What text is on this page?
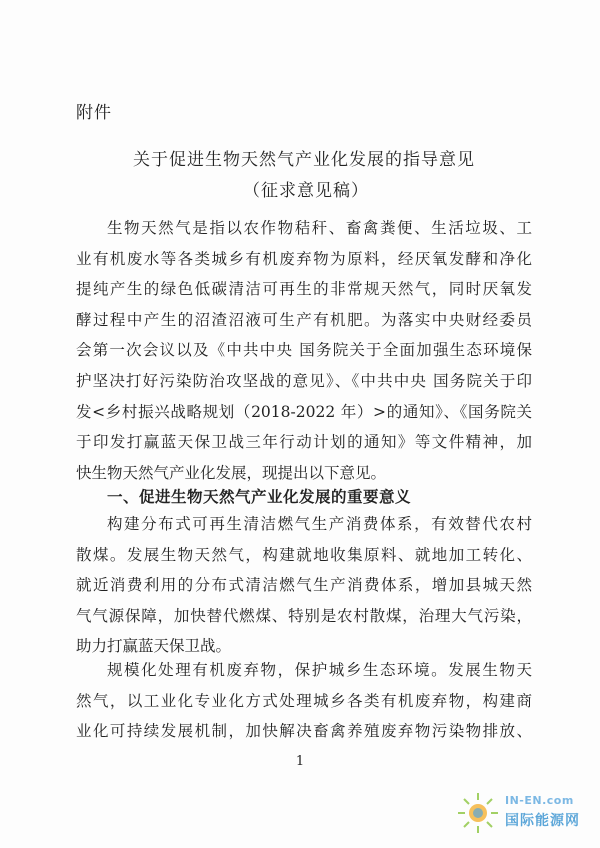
附件
关于促进生物天然气产业化发展的指导意见
（征求意见稿）
生物天然气是指以农作物秸秆、畜禽粪便、生活垃圾、工
业有机废水等各类城乡有机废弃物为原料，经厌氧发酵和净化
提纯产生的绿色低碳清洁可再生的非常规天然气，同时厌氧发
酵过程中产生的沼渣沼液可生产有机肥。为落实中央财经委员
会第一次会议以及《中共中央 国务院关于全面加强生态环境保
护坚决打好污染防治攻坚战的意见》、《中共中央 国务院关于印
发<乡村振兴战略规划（2018-2022 年）>的通知》、《国务院关
于印发打赢蓝天保卫战三年行动计划的通知》等文件精神，加
快生物天然气产业化发展，现提出以下意见。
一、促进生物天然气产业化发展的重要意义
构建分布式可再生清洁燃气生产消费体系，有效替代农村
散煤。发展生物天然气，构建就地收集原料、就地加工转化、
就近消费利用的分布式清洁燃气生产消费体系，增加县城天然
气气源保障，加快替代燃煤、特别是农村散煤，治理大气污染，
助力打赢蓝天保卫战。
规模化处理有机废弃物，保护城乡生态环境。发展生物天
然气，以工业化专业化方式处理城乡各类有机废弃物，构建商
业化可持续发展机制，加快解决畜禽养殖废弃物污染物排放、
1
IN-EN.com
国际能源网
